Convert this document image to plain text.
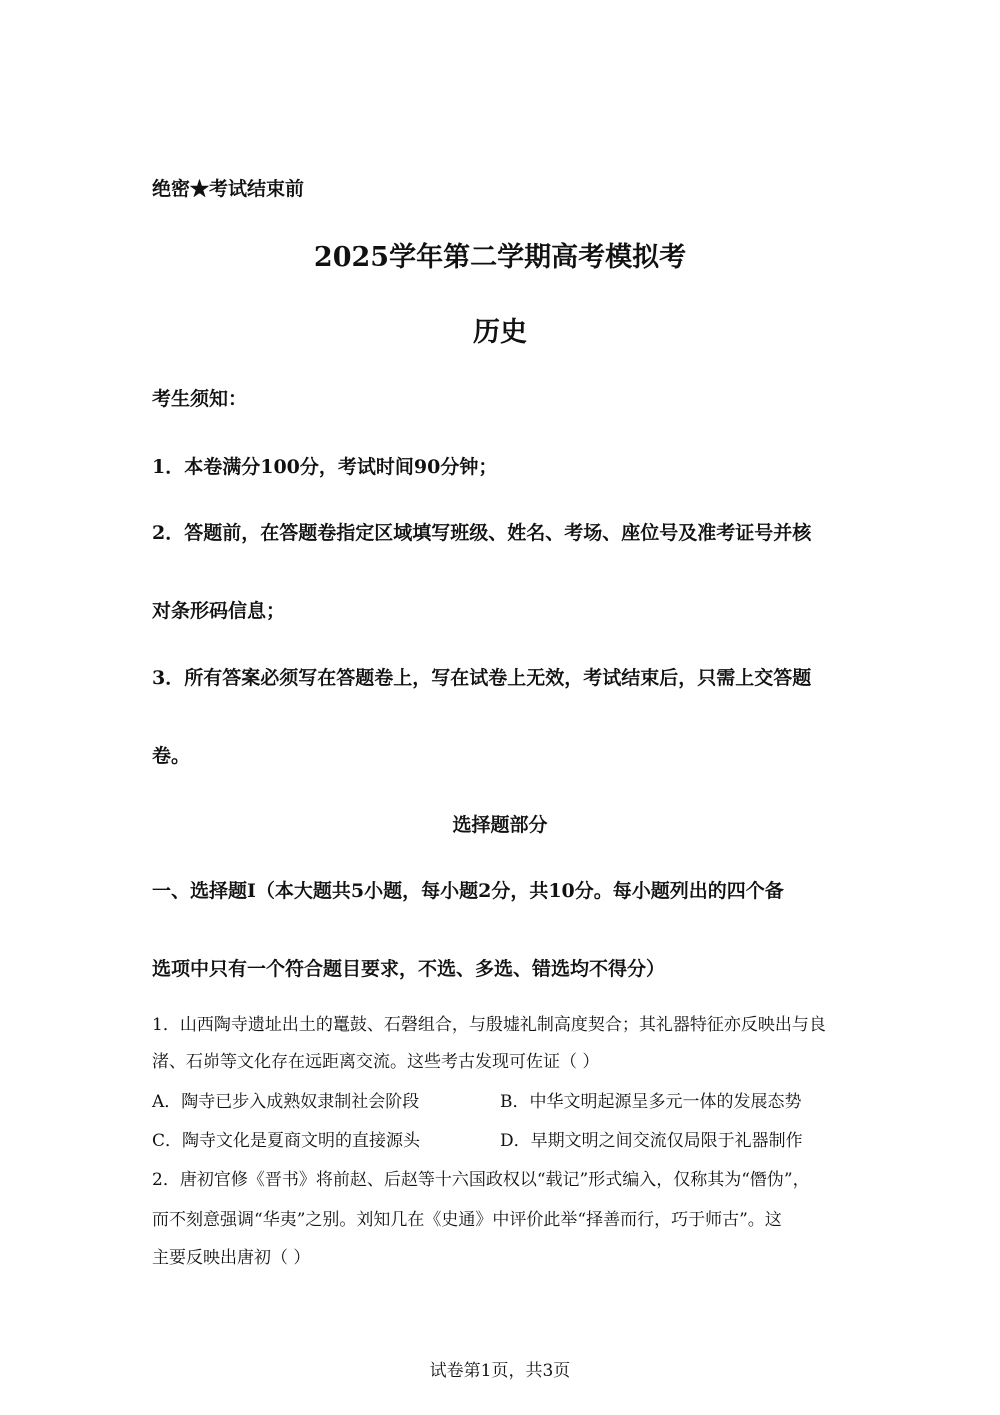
绝密★考试结束前
2025学年第二学期高考模拟考
历史
考生须知：
1．本卷满分100分，考试时间90分钟；
2．答题前，在答题卷指定区域填写班级、姓名、考场、座位号及准考证号并核
对条形码信息；
3．所有答案必须写在答题卷上，写在试卷上无效，考试结束后，只需上交答题
卷。
选择题部分
一、选择题Ⅰ（本大题共5小题，每小题2分，共10分。每小题列出的四个备
选项中只有一个符合题目要求，不选、多选、错选均不得分）
1．山西陶寺遗址出土的鼍鼓、石磬组合，与殷墟礼制高度契合；其礼器特征亦反映出与良
渚、石峁等文化存在远距离交流。这些考古发现可佐证（ ）
A．陶寺已步入成熟奴隶制社会阶段	B．中华文明起源呈多元一体的发展态势
C．陶寺文化是夏商文明的直接源头	D．早期文明之间交流仅局限于礼器制作
2．唐初官修《晋书》将前赵、后赵等十六国政权以“载记”形式编入，仅称其为“僭伪”，
而不刻意强调“华夷”之别。刘知几在《史通》中评价此举“择善而行，巧于师古”。这
主要反映出唐初（ ）
试卷第1页，共3页
